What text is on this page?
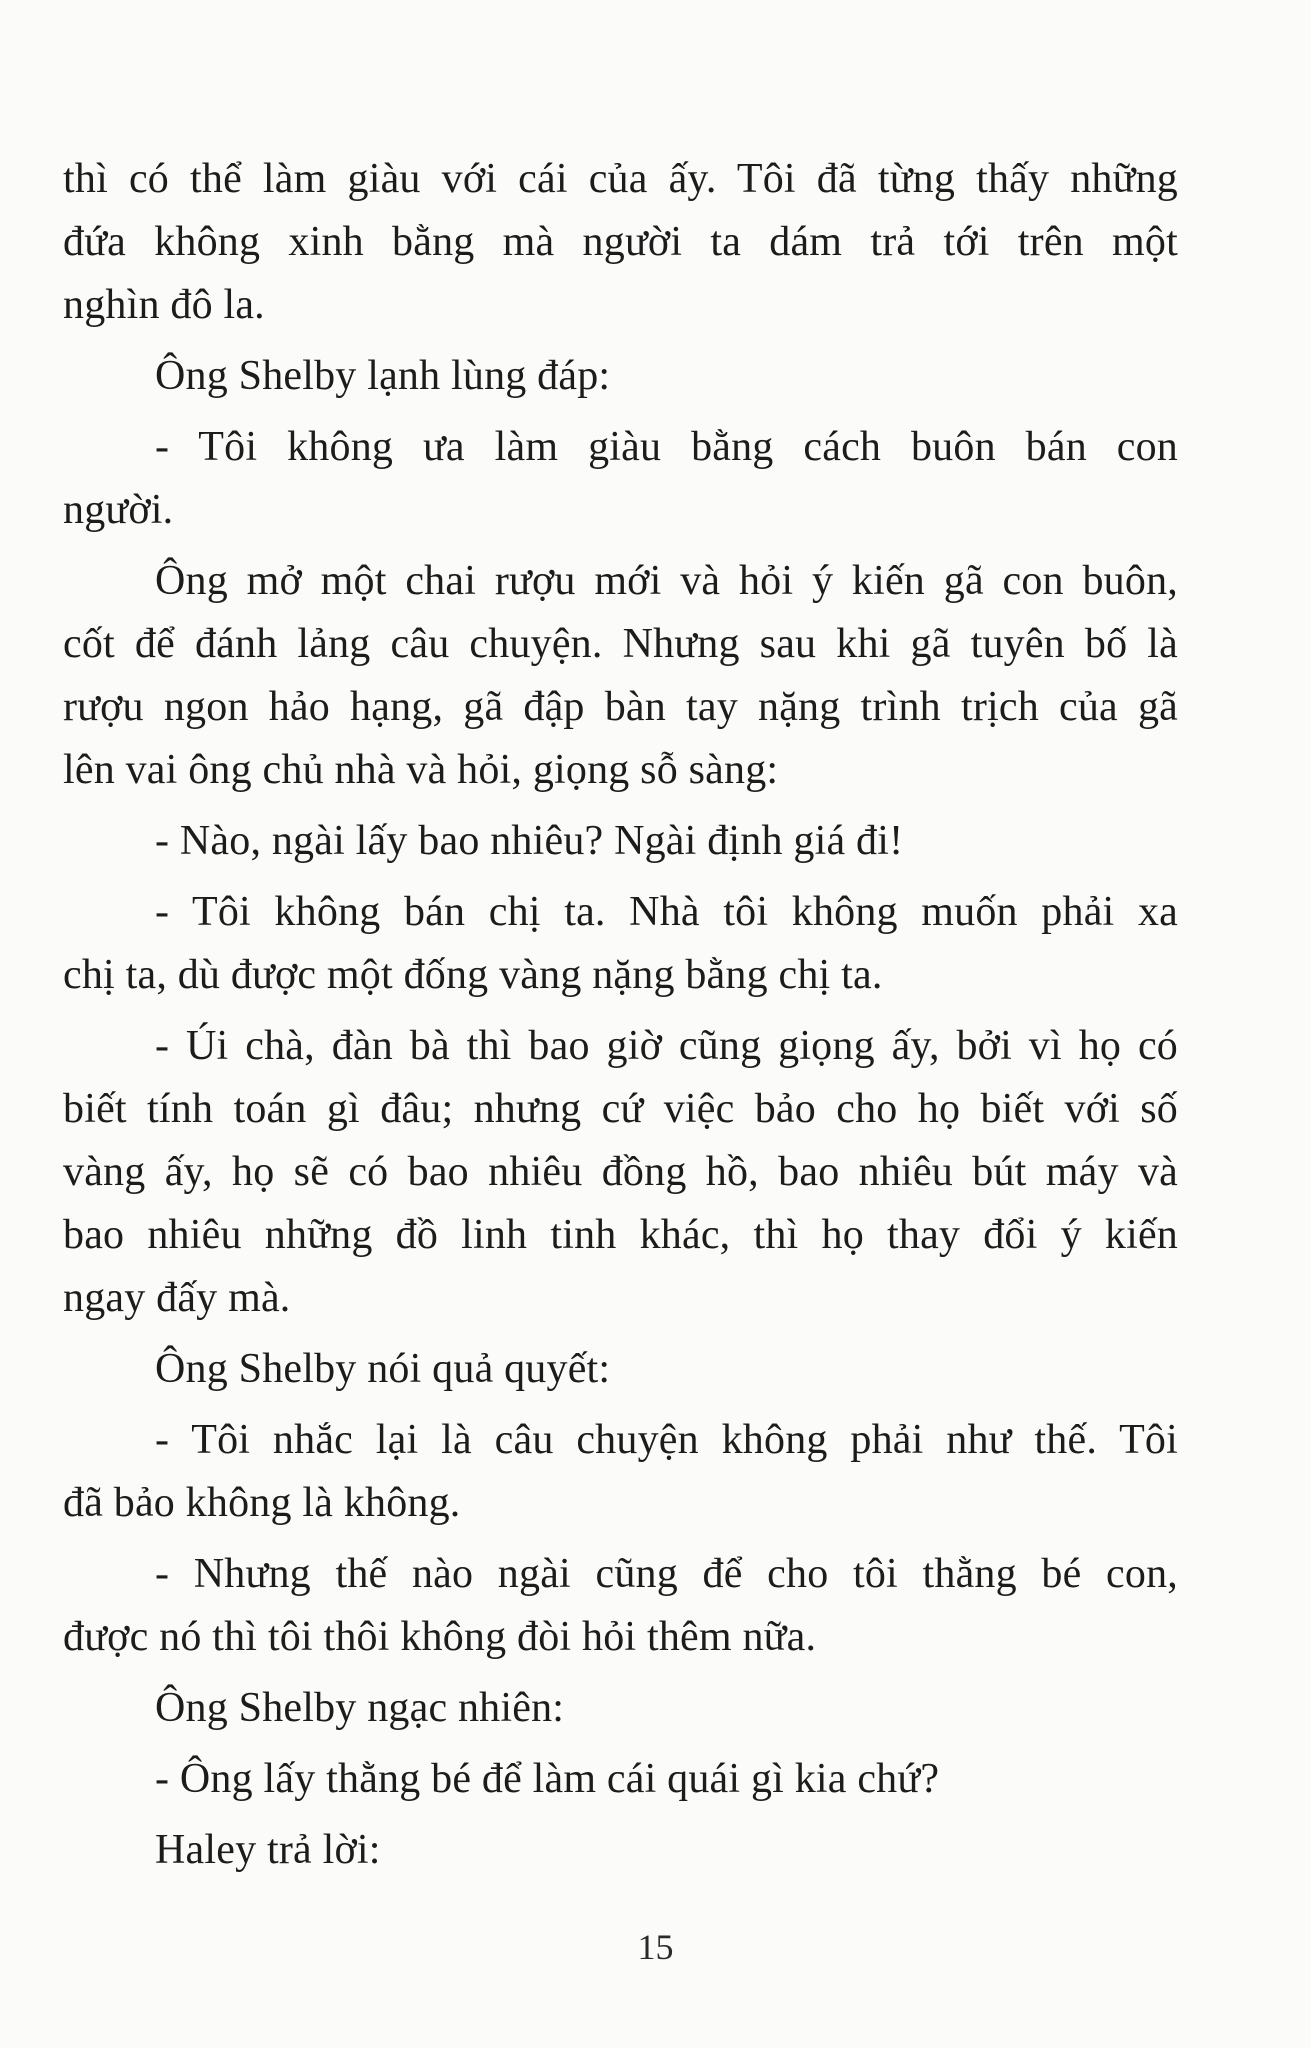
thì có thể làm giàu với cái của ấy. Tôi đã từng thấy những
đứa không xinh bằng mà người ta dám trả tới trên một
nghìn đô la.

Ông Shelby lạnh lùng đáp:

- Tôi không ưa làm giàu bằng cách buôn bán con
người.

Ông mở một chai rượu mới và hỏi ý kiến gã con buôn,
cốt để đánh lảng câu chuyện. Nhưng sau khi gã tuyên bố là
rượu ngon hảo hạng, gã đập bàn tay nặng trình trịch của gã
lên vai ông chủ nhà và hỏi, giọng sỗ sàng:

- Nào, ngài lấy bao nhiêu? Ngài định giá đi!

- Tôi không bán chị ta. Nhà tôi không muốn phải xa
chị ta, dù được một đống vàng nặng bằng chị ta.

- Úi chà, đàn bà thì bao giờ cũng giọng ấy, bởi vì họ có
biết tính toán gì đâu; nhưng cứ việc bảo cho họ biết với số
vàng ấy, họ sẽ có bao nhiêu đồng hồ, bao nhiêu bút máy và
bao nhiêu những đồ linh tinh khác, thì họ thay đổi ý kiến
ngay đấy mà.

Ông Shelby nói quả quyết:

- Tôi nhắc lại là câu chuyện không phải như thế. Tôi
đã bảo không là không.

- Nhưng thế nào ngài cũng để cho tôi thằng bé con,
được nó thì tôi thôi không đòi hỏi thêm nữa.

Ông Shelby ngạc nhiên:

- Ông lấy thằng bé để làm cái quái gì kia chứ?

Haley trả lời:

15
